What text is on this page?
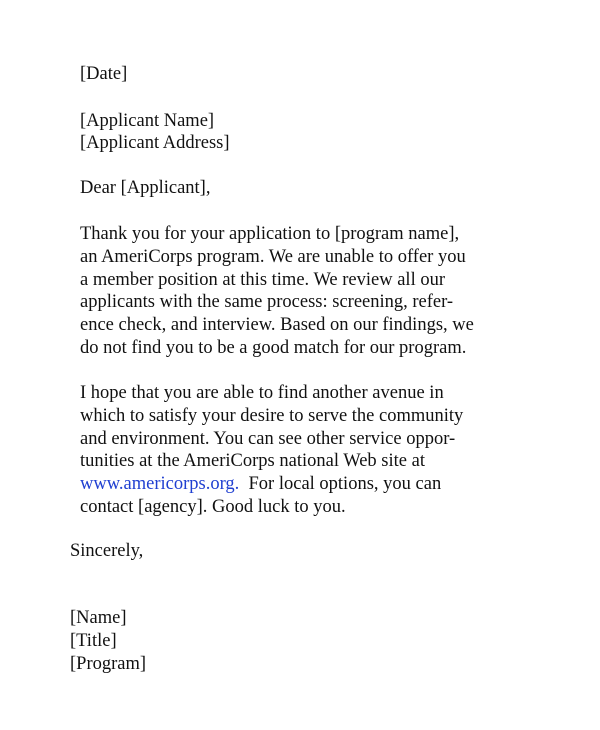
[Date]
[Applicant Name]
[Applicant Address]
Dear [Applicant],
Thank you for your application to [program name],
an AmeriCorps program. We are unable to offer you
a member position at this time. We review all our
applicants with the same process: screening, refer-
ence check, and interview. Based on our findings, we
do not find you to be a good match for our program.
I hope that you are able to find another avenue in
which to satisfy your desire to serve the community
and environment. You can see other service oppor-
tunities at the AmeriCorps national Web site at
www.americorps.org.  For local options, you can
contact [agency]. Good luck to you.
Sincerely,
[Name]
[Title]
[Program]
